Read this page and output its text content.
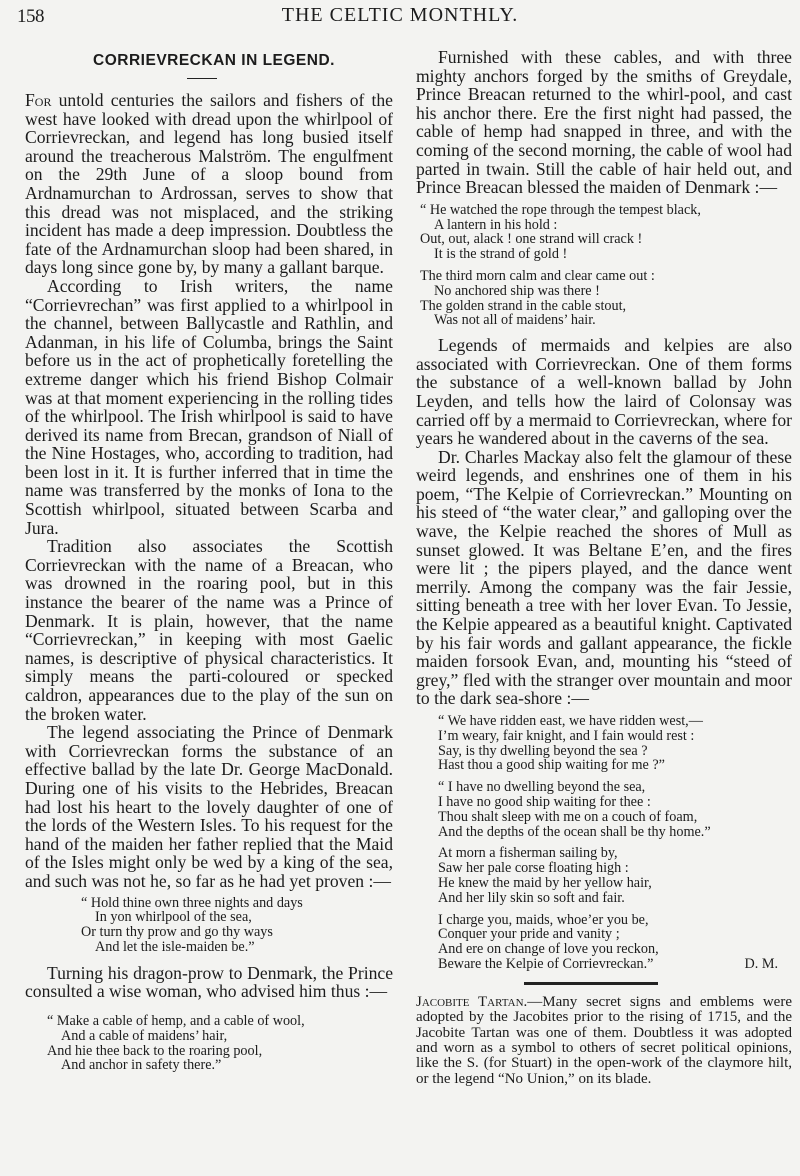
158	THE CELTIC MONTHLY.
CORRIEVRECKAN IN LEGEND.

For untold centuries the sailors and fishers of the west have looked with dread upon the whirlpool of Corrievreckan, and legend has long busied itself around the treacherous Malström. The engulfment on the 29th June of a sloop bound from Ardnamurchan to Ardrossan, serves to show that this dread was not misplaced, and the striking incident has made a deep impression. Doubtless the fate of the Ardnamurchan sloop had been shared, in days long since gone by, by many a gallant barque.

According to Irish writers, the name “Corrievrechan” was first applied to a whirlpool in the channel, between Ballycastle and Rathlin, and Adanman, in his life of Columba, brings the Saint before us in the act of prophetically foretelling the extreme danger which his friend Bishop Colmair was at that moment experiencing in the rolling tides of the whirlpool. The Irish whirlpool is said to have derived its name from Brecan, grandson of Niall of the Nine Hostages, who, according to tradition, had been lost in it. It is further inferred that in time the name was transferred by the monks of Iona to the Scottish whirlpool, situated between Scarba and Jura.

Tradition also associates the Scottish Corrievreckan with the name of a Breacan, who was drowned in the roaring pool, but in this instance the bearer of the name was a Prince of Denmark. It is plain, however, that the name “Corrievreckan,” in keeping with most Gaelic names, is descriptive of physical characteristics. It simply means the parti-coloured or specked caldron, appearances due to the play of the sun on the broken water.

The legend associating the Prince of Denmark with Corrievreckan forms the substance of an effective ballad by the late Dr. George MacDonald. During one of his visits to the Hebrides, Breacan had lost his heart to the lovely daughter of one of the lords of the Western Isles. To his request for the hand of the maiden her father replied that the Maid of the Isles might only be wed by a king of the sea, and such was not he, so far as he had yet proven :—

“ Hold thine own three nights and days
In yon whirlpool of the sea,
Or turn thy prow and go thy ways
And let the isle-maiden be.”

Turning his dragon-prow to Denmark, the Prince consulted a wise woman, who advised him thus :—

“ Make a cable of hemp, and a cable of wool,
And a cable of maidens’ hair,
And hie thee back to the roaring pool,
And anchor in safety there.”

Furnished with these cables, and with three mighty anchors forged by the smiths of Greydale, Prince Breacan returned to the whirl-pool, and cast his anchor there. Ere the first night had passed, the cable of hemp had snapped in three, and with the coming of the second morning, the cable of wool had parted in twain. Still the cable of hair held out, and Prince Breacan blessed the maiden of Denmark :—

“ He watched the rope through the tempest black,
A lantern in his hold :
Out, out, alack ! one strand will crack !
It is the strand of gold !
The third morn calm and clear came out :
No anchored ship was there !
The golden strand in the cable stout,
Was not all of maidens’ hair.

Legends of mermaids and kelpies are also associated with Corrievreckan. One of them forms the substance of a well-known ballad by John Leyden, and tells how the laird of Colonsay was carried off by a mermaid to Corrievreckan, where for years he wandered about in the caverns of the sea.

Dr. Charles Mackay also felt the glamour of these weird legends, and enshrines one of them in his poem, “The Kelpie of Corrievreckan.” Mounting on his steed of “the water clear,” and galloping over the wave, the Kelpie reached the shores of Mull as sunset glowed. It was Beltane E’en, and the fires were lit ; the pipers played, and the dance went merrily. Among the company was the fair Jessie, sitting beneath a tree with her lover Evan. To Jessie, the Kelpie appeared as a beautiful knight. Captivated by his fair words and gallant appearance, the fickle maiden forsook Evan, and, mounting his “steed of grey,” fled with the stranger over mountain and moor to the dark sea-shore :—

“ We have ridden east, we have ridden west,—
I’m weary, fair knight, and I fain would rest :
Say, is thy dwelling beyond the sea ?
Hast thou a good ship waiting for me ?”
“ I have no dwelling beyond the sea,
I have no good ship waiting for thee :
Thou shalt sleep with me on a couch of foam,
And the depths of the ocean shall be thy home.”
At morn a fisherman sailing by,
Saw her pale corse floating high :
He knew the maid by her yellow hair,
And her lily skin so soft and fair.
I charge you, maids, whoe’er you be,
Conquer your pride and vanity ;
And ere on change of love you reckon,
Beware the Kelpie of Corrievreckan.”	D. M.

Jacobite Tartan.—Many secret signs and emblems were adopted by the Jacobites prior to the rising of 1715, and the Jacobite Tartan was one of them. Doubtless it was adopted and worn as a symbol to others of secret political opinions, like the S. (for Stuart) in the open-work of the claymore hilt, or the legend “No Union,” on its blade.
